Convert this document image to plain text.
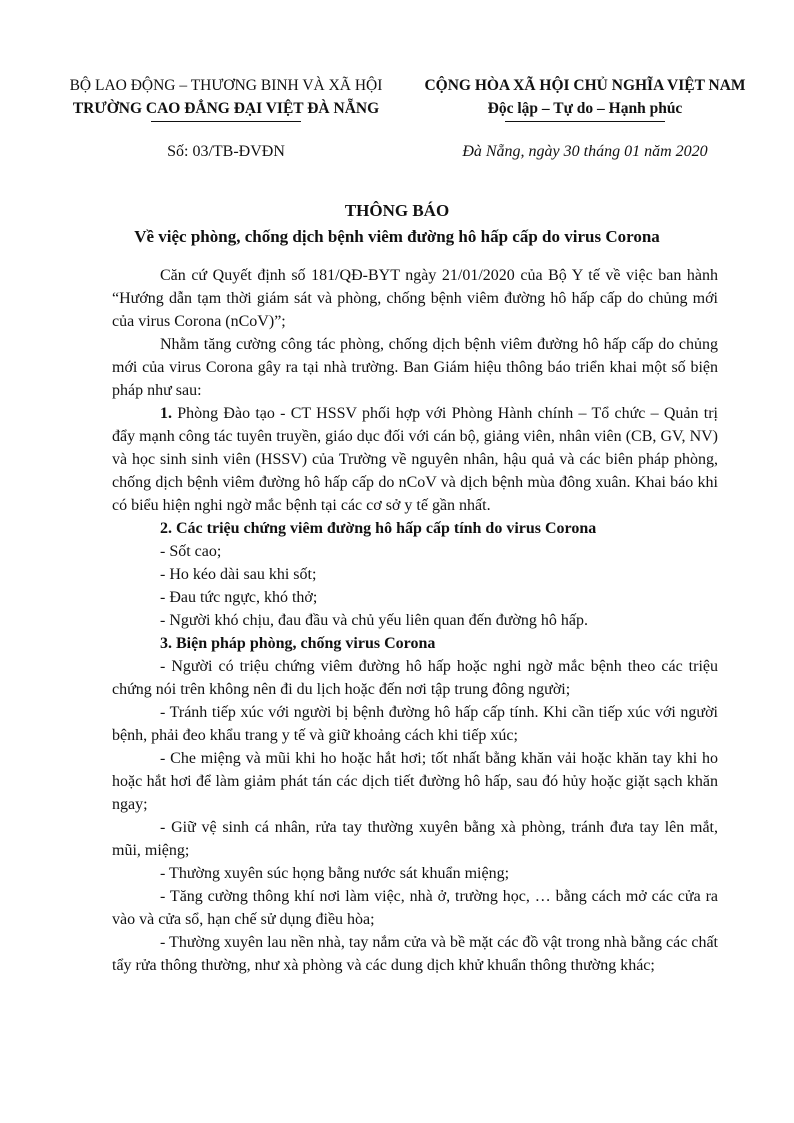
BỘ LAO ĐỘNG – THƯƠNG BINH VÀ XÃ HỘI
TRƯỜNG CAO ĐẲNG ĐẠI VIỆT ĐÀ NẴNG
CỘNG HÒA XÃ HỘI CHỦ NGHĨA VIỆT NAM
Độc lập – Tự do – Hạnh phúc
Số: 03/TB-ĐVĐN	Đà Nẵng, ngày 30 tháng 01 năm 2020
THÔNG BÁO
Về việc phòng, chống dịch bệnh viêm đường hô hấp cấp do virus Corona

Căn cứ Quyết định số 181/QĐ-BYT ngày 21/01/2020 của Bộ Y tế về việc ban hành “Hướng dẫn tạm thời giám sát và phòng, chống bệnh viêm đường hô hấp cấp do chủng mới của virus Corona (nCoV)”;

Nhằm tăng cường công tác phòng, chống dịch bệnh viêm đường hô hấp cấp do chủng mới của virus Corona gây ra tại nhà trường. Ban Giám hiệu thông báo triển khai một số biện pháp như sau:

1. Phòng Đào tạo - CT HSSV phối hợp với Phòng Hành chính – Tổ chức – Quản trị đẩy mạnh công tác tuyên truyền, giáo dục đối với cán bộ, giảng viên, nhân viên (CB, GV, NV) và học sinh sinh viên (HSSV) của Trường về nguyên nhân, hậu quả và các biên pháp phòng, chống dịch bệnh viêm đường hô hấp cấp do nCoV và dịch bệnh mùa đông xuân. Khai báo khi có biểu hiện nghi ngờ mắc bệnh tại các cơ sở y tế gần nhất.

2. Các triệu chứng viêm đường hô hấp cấp tính do virus Corona

- Sốt cao;

- Ho kéo dài sau khi sốt;

- Đau tức ngực, khó thở;

- Người khó chịu, đau đầu và chủ yếu liên quan đến đường hô hấp.

3. Biện pháp phòng, chống virus Corona

- Người có triệu chứng viêm đường hô hấp hoặc nghi ngờ mắc bệnh theo các triệu chứng nói trên không nên đi du lịch hoặc đến nơi tập trung đông người;

- Tránh tiếp xúc với người bị bệnh đường hô hấp cấp tính. Khi cần tiếp xúc với người bệnh, phải đeo khẩu trang y tế và giữ khoảng cách khi tiếp xúc;

- Che miệng và mũi khi ho hoặc hắt hơi; tốt nhất bằng khăn vải hoặc khăn tay khi ho hoặc hắt hơi để làm giảm phát tán các dịch tiết đường hô hấp, sau đó hủy hoặc giặt sạch khăn ngay;

- Giữ vệ sinh cá nhân, rửa tay thường xuyên bằng xà phòng, tránh đưa tay lên mắt, mũi, miệng;

- Thường xuyên súc họng bằng nước sát khuẩn miệng;

- Tăng cường thông khí nơi làm việc, nhà ở, trường học, … bằng cách mở các cửa ra vào và cửa sổ, hạn chế sử dụng điều hòa;

- Thường xuyên lau nền nhà, tay nắm cửa và bề mặt các đồ vật trong nhà bằng các chất tẩy rửa thông thường, như xà phòng và các dung dịch khử khuẩn thông thường khác;
